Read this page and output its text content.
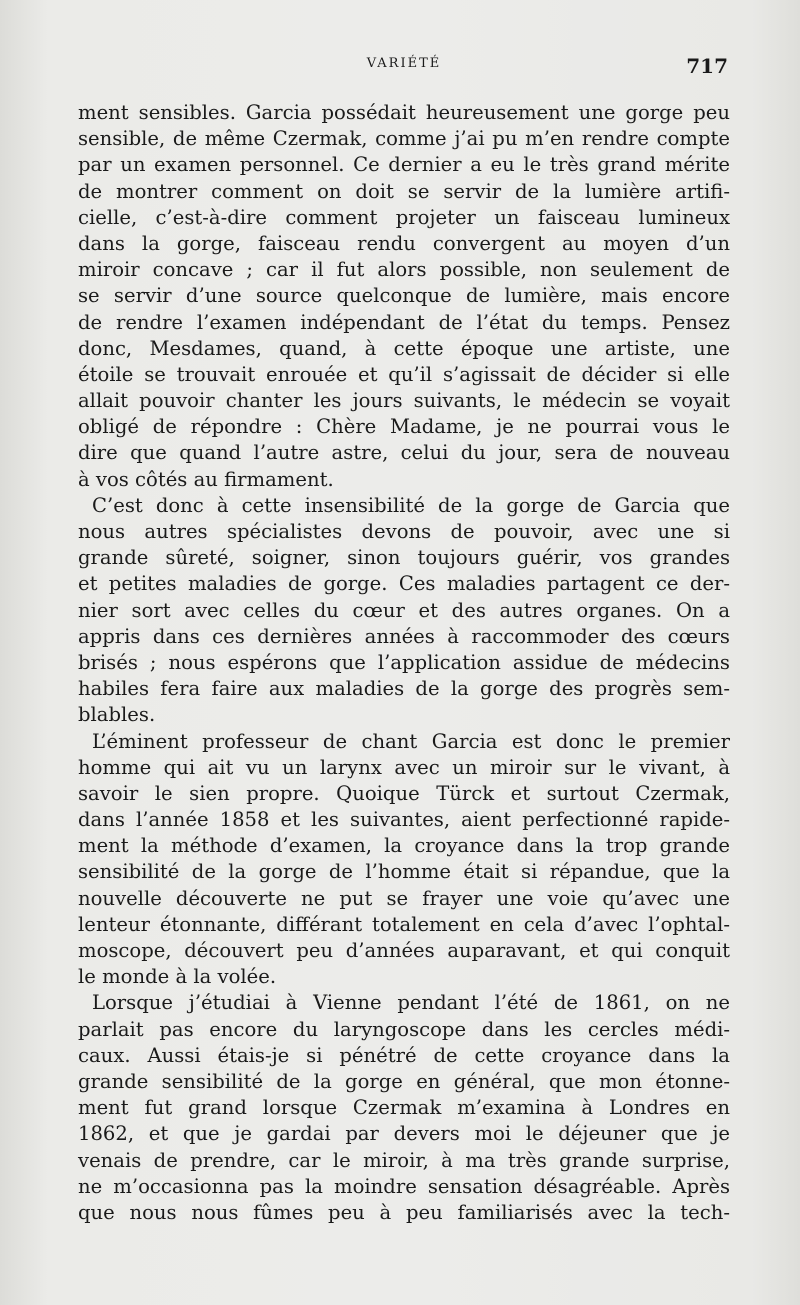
VARIÉTÉ	717
ment sensibles. Garcia possédait heureusement une gorge peu
sensible, de même Czermak, comme j’ai pu m’en rendre compte
par un examen personnel. Ce dernier a eu le très grand mérite
de montrer comment on doit se servir de la lumière artifi-
cielle, c’est-à-dire comment projeter un faisceau lumineux
dans la gorge, faisceau rendu convergent au moyen d’un
miroir concave ; car il fut alors possible, non seulement de
se servir d’une source quelconque de lumière, mais encore
de rendre l’examen indépendant de l’état du temps. Pensez
donc, Mesdames, quand, à cette époque une artiste, une
étoile se trouvait enrouée et qu’il s’agissait de décider si elle
allait pouvoir chanter les jours suivants, le médecin se voyait
obligé de répondre : Chère Madame, je ne pourrai vous le
dire que quand l’autre astre, celui du jour, sera de nouveau
à vos côtés au firmament.
C’est donc à cette insensibilité de la gorge de Garcia que
nous autres spécialistes devons de pouvoir, avec une si
grande sûreté, soigner, sinon toujours guérir, vos grandes
et petites maladies de gorge. Ces maladies partagent ce der-
nier sort avec celles du cœur et des autres organes. On a
appris dans ces dernières années à raccommoder des cœurs
brisés ; nous espérons que l’application assidue de médecins
habiles fera faire aux maladies de la gorge des progrès sem-
blables.
L’éminent professeur de chant Garcia est donc le premier
homme qui ait vu un larynx avec un miroir sur le vivant, à
savoir le sien propre. Quoique Türck et surtout Czermak,
dans l’année 1858 et les suivantes, aient perfectionné rapide-
ment la méthode d’examen, la croyance dans la trop grande
sensibilité de la gorge de l’homme était si répandue, que la
nouvelle découverte ne put se frayer une voie qu’avec une
lenteur étonnante, différant totalement en cela d’avec l’ophtal-
moscope, découvert peu d’années auparavant, et qui conquit
le monde à la volée.
Lorsque j’étudiai à Vienne pendant l’été de 1861, on ne
parlait pas encore du laryngoscope dans les cercles médi-
caux. Aussi étais-je si pénétré de cette croyance dans la
grande sensibilité de la gorge en général, que mon étonne-
ment fut grand lorsque Czermak m’examina à Londres en
1862, et que je gardai par devers moi le déjeuner que je
venais de prendre, car le miroir, à ma très grande surprise,
ne m’occasionna pas la moindre sensation désagréable. Après
que nous nous fûmes peu à peu familiarisés avec la tech-
